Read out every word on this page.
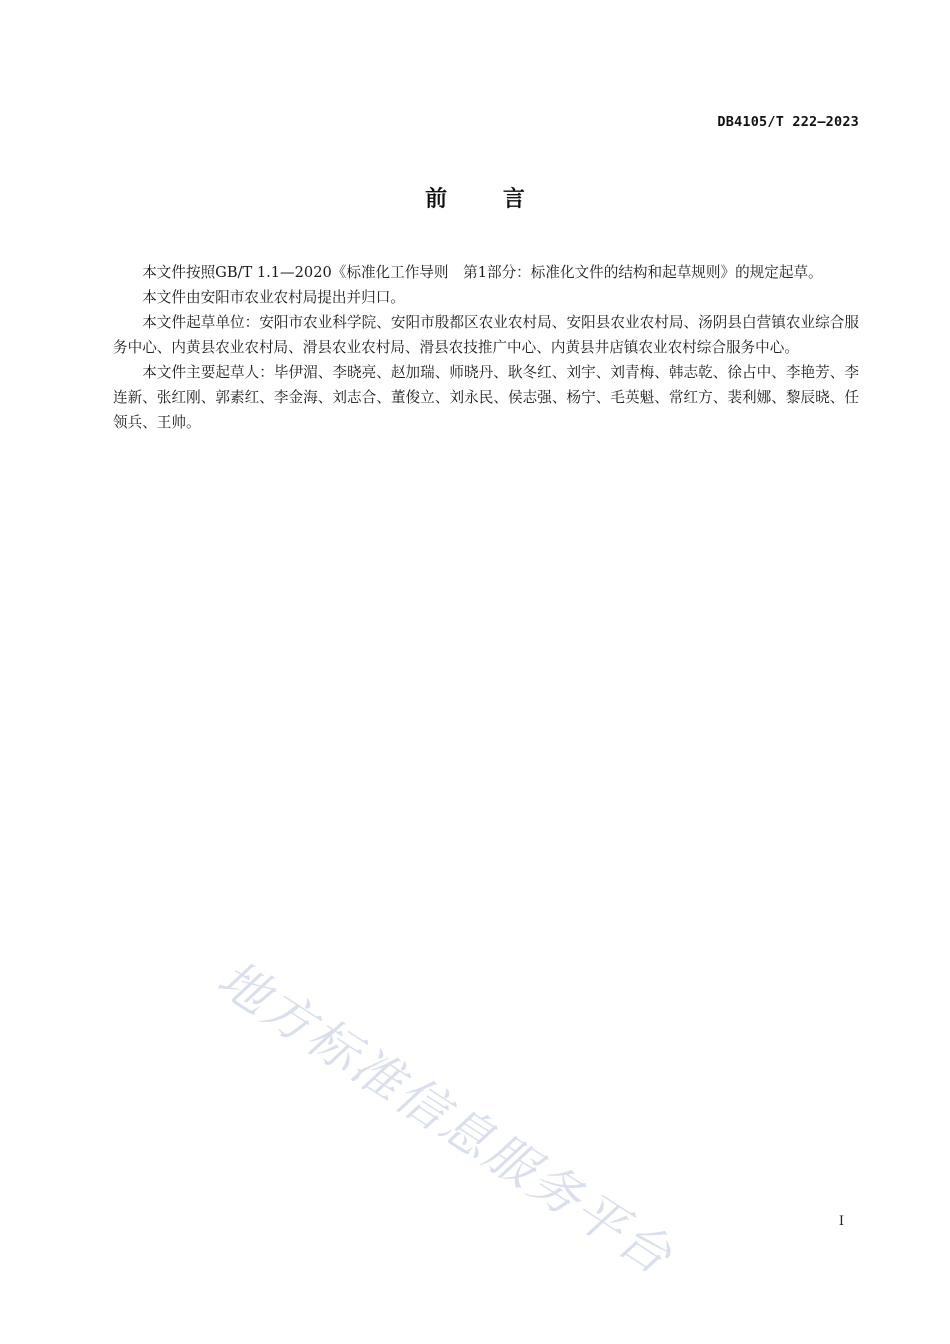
DB4105/T 222—2023
前 言

本文件按照GB/T 1.1—2020《标准化工作导则　第1部分：标准化文件的结构和起草规则》的规定起草。

本文件由安阳市农业农村局提出并归口。

本文件起草单位：安阳市农业科学院、安阳市殷都区农业农村局、安阳县农业农村局、汤阴县白营镇农业综合服务中心、内黄县农业农村局、滑县农业农村局、滑县农技推广中心、内黄县井店镇农业农村综合服务中心。

本文件主要起草人：毕伊湄、李晓亮、赵加瑞、师晓丹、耿冬红、刘宇、刘青梅、韩志乾、徐占中、李艳芳、李连新、张红刚、郭素红、李金海、刘志合、董俊立、刘永民、侯志强、杨宁、毛英魁、常红方、裴利娜、黎辰晓、任领兵、王帅。

地方标准信息服务平台	I
